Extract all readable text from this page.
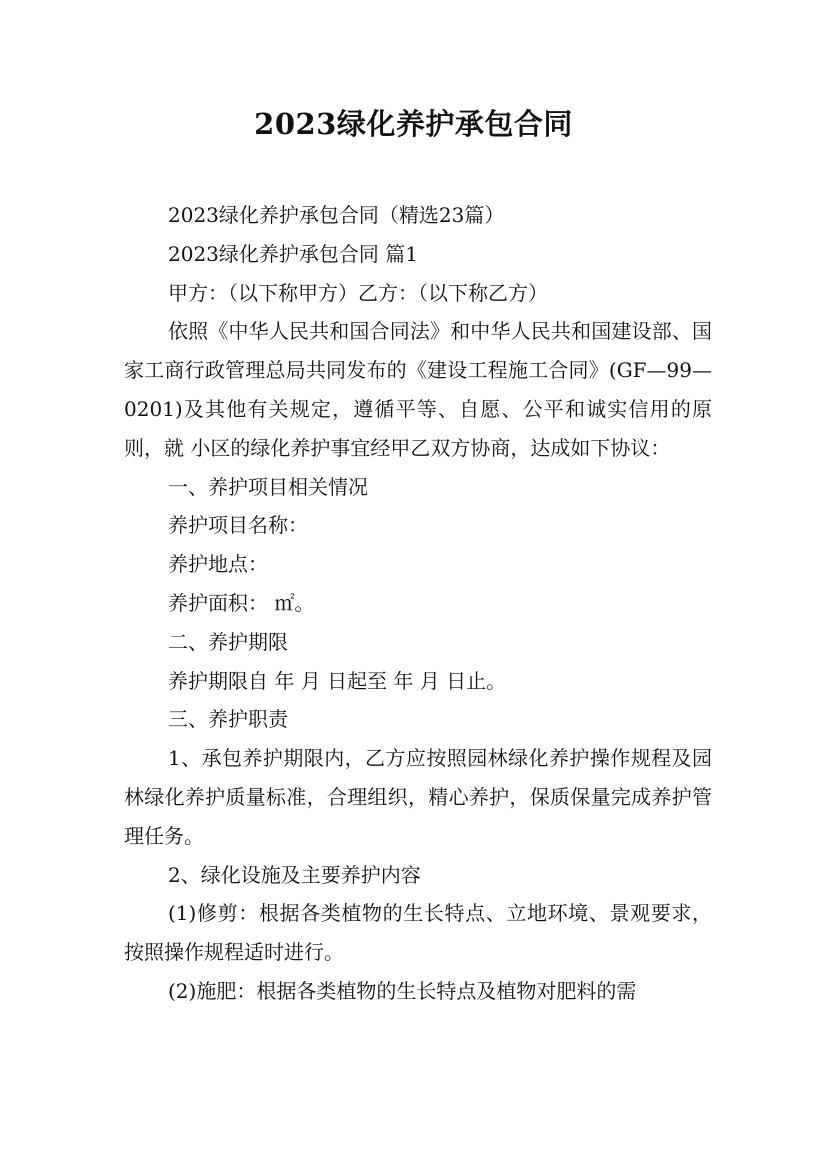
2023绿化养护承包合同

2023绿化养护承包合同（精选23篇）

2023绿化养护承包合同 篇1

甲方：（以下称甲方）乙方：（以下称乙方）

依照《中华人民共和国合同法》和中华人民共和国建设部、国家工商行政管理总局共同发布的《建设工程施工合同》(GF—99—0201)及其他有关规定，遵循平等、自愿、公平和诚实信用的原则，就 小区的绿化养护事宜经甲乙双方协商，达成如下协议：

一、养护项目相关情况

养护项目名称：

养护地点：

养护面积： ㎡。

二、养护期限

养护期限自 年 月 日起至 年 月 日止。

三、养护职责

1、承包养护期限内，乙方应按照园林绿化养护操作规程及园林绿化养护质量标准，合理组织，精心养护，保质保量完成养护管理任务。

2、绿化设施及主要养护内容

(1)修剪：根据各类植物的生长特点、立地环境、景观要求，按照操作规程适时进行。

(2)施肥：根据各类植物的生长特点及植物对肥料的需
